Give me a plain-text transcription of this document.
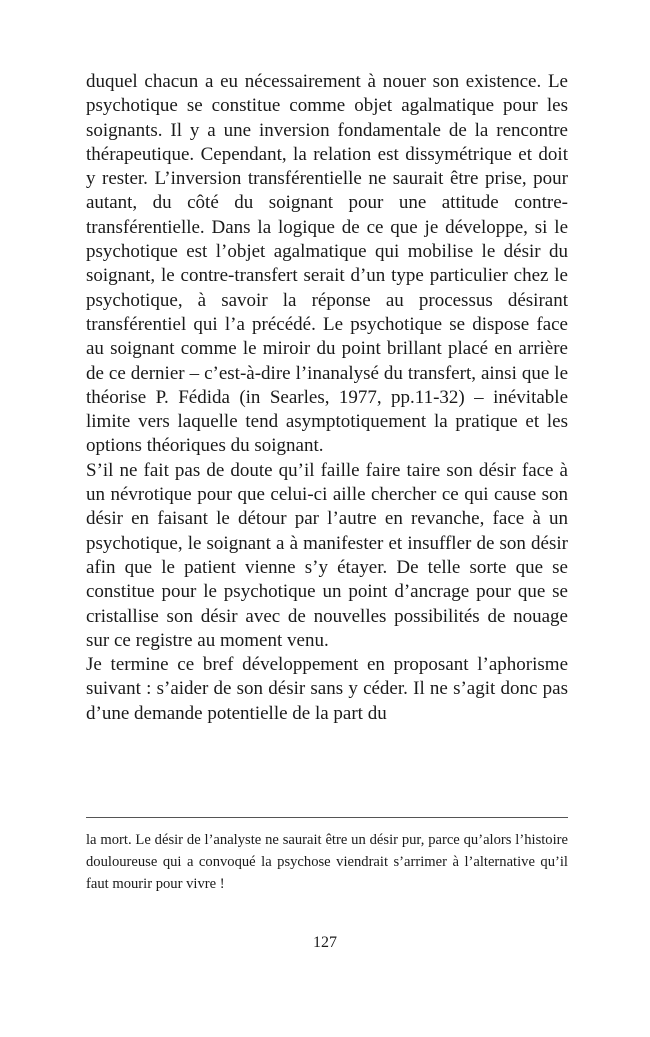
duquel chacun a eu nécessairement à nouer son existence. Le psychotique se constitue comme objet agalmatique pour les soignants. Il y a une inversion fondamentale de la rencontre thérapeutique. Cependant, la relation est dissymétrique et doit y rester. L’inversion transférentielle ne saurait être prise, pour autant, du côté du soignant pour une attitude contre-transférentielle. Dans la logique de ce que je développe, si le psychotique est l’objet agalmatique qui mobilise le désir du soignant, le contre-transfert serait d’un type particulier chez le psychotique, à savoir la réponse au processus désirant transférentiel qui l’a précédé. Le psychotique se dispose face au soignant comme le miroir du point brillant placé en arrière de ce dernier – c’est-à-dire l’inanalysé du transfert, ainsi que le théorise P. Fédida (in Searles, 1977, pp.11-32) – inévitable limite vers laquelle tend asymptotiquement la pratique et les options théoriques du soignant.

S’il ne fait pas de doute qu’il faille faire taire son désir face à un névrotique pour que celui-ci aille chercher ce qui cause son désir en faisant le détour par l’autre en revanche, face à un psychotique, le soignant a à manifester et insuffler de son désir afin que le patient vienne s’y étayer. De telle sorte que se constitue pour le psychotique un point d’ancrage pour que se cristallise son désir avec de nouvelles possibilités de nouage sur ce registre au moment venu.

Je termine ce bref développement en proposant l’aphorisme suivant : s’aider de son désir sans y céder. Il ne s’agit donc pas d’une demande potentielle de la part du

la mort. Le désir de l’analyste ne saurait être un désir pur, parce qu’alors l’histoire douloureuse qui a convoqué la psychose viendrait s’arrimer à l’alternative qu’il faut mourir pour vivre !

127
